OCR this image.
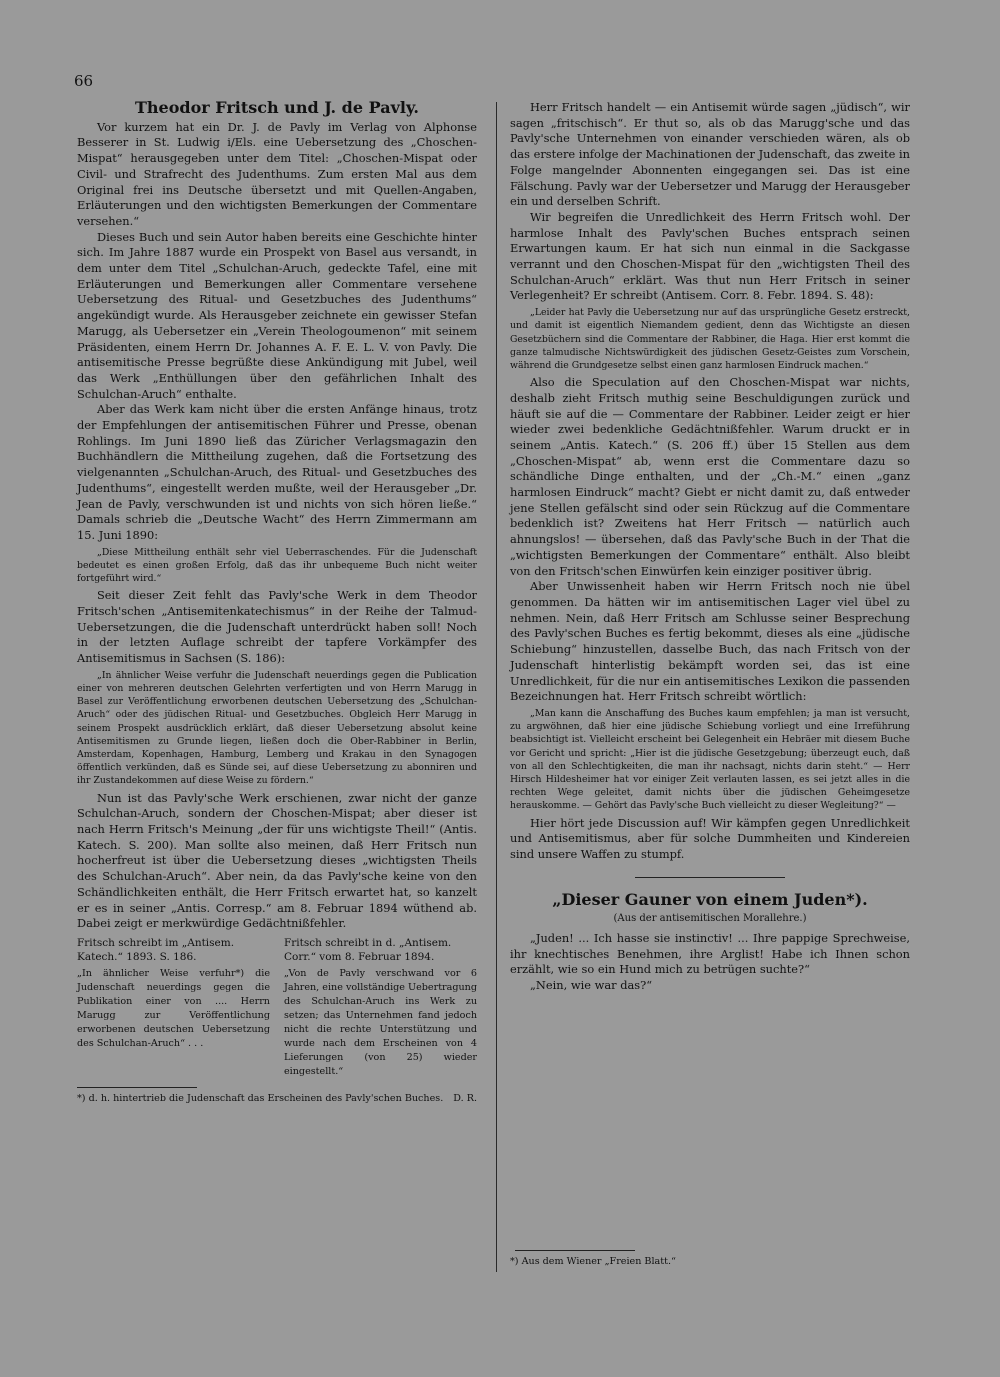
66
Theodor Fritsch und J. de Pavly.

Vor kurzem hat ein Dr. J. de Pavly im Verlag von Alphonse Besserer in St. Ludwig i/Els. eine Uebersetzung des „Choschen-Mispat“ herausgegeben unter dem Titel: „Choschen-Mispat oder Civil- und Strafrecht des Judenthums. Zum ersten Mal aus dem Original frei ins Deutsche übersetzt und mit Quellen-Angaben, Erläuterungen und den wichtigsten Bemerkungen der Commentare versehen.“

Dieses Buch und sein Autor haben bereits eine Geschichte hinter sich. Im Jahre 1887 wurde ein Prospekt von Basel aus versandt, in dem unter dem Titel „Schulchan-Aruch, gedeckte Tafel, eine mit Erläuterungen und Bemerkungen aller Commentare versehene Uebersetzung des Ritual- und Gesetzbuches des Judenthums“ angekündigt wurde. Als Herausgeber zeichnete ein gewisser Stefan Marugg, als Uebersetzer ein „Verein Theologoumenon“ mit seinem Präsidenten, einem Herrn Dr. Johannes A. F. E. L. V. von Pavly. Die antisemitische Presse begrüßte diese Ankündigung mit Jubel, weil das Werk „Enthüllungen über den gefährlichen Inhalt des Schulchan-Aruch“ enthalte.

Aber das Werk kam nicht über die ersten Anfänge hinaus, trotz der Empfehlungen der antisemitischen Führer und Presse, obenan Rohlings. Im Juni 1890 ließ das Züricher Verlagsmagazin den Buchhändlern die Mittheilung zugehen, daß die Fortsetzung des vielgenannten „Schulchan-Aruch, des Ritual- und Gesetzbuches des Judenthums“, eingestellt werden mußte, weil der Herausgeber „Dr. Jean de Pavly, verschwunden ist und nichts von sich hören ließe.“ Damals schrieb die „Deutsche Wacht“ des Herrn Zimmermann am 15. Juni 1890:

„Diese Mittheilung enthält sehr viel Ueberraschendes. Für die Judenschaft bedeutet es einen großen Erfolg, daß das ihr unbequeme Buch nicht weiter fortgeführt wird.“

Seit dieser Zeit fehlt das Pavly'sche Werk in dem Theodor Fritsch'schen „Antisemitenkatechismus“ in der Reihe der Talmud-Uebersetzungen, die die Judenschaft unterdrückt haben soll! Noch in der letzten Auflage schreibt der tapfere Vorkämpfer des Antisemitismus in Sachsen (S. 186):

„In ähnlicher Weise verfuhr die Judenschaft neuerdings gegen die Publication einer von mehreren deutschen Gelehrten verfertigten und von Herrn Marugg in Basel zur Veröffentlichung erworbenen deutschen Uebersetzung des „Schulchan-Aruch“ oder des jüdischen Ritual- und Gesetzbuches. Obgleich Herr Marugg in seinem Prospekt ausdrücklich erklärt, daß dieser Uebersetzung absolut keine Antisemitismen zu Grunde liegen, ließen doch die Ober-Rabbiner in Berlin, Amsterdam, Kopenhagen, Hamburg, Lemberg und Krakau in den Synagogen öffentlich verkünden, daß es Sünde sei, auf diese Uebersetzung zu abonniren und ihr Zustandekommen auf diese Weise zu fördern.“

Nun ist das Pavly'sche Werk erschienen, zwar nicht der ganze Schulchan-Aruch, sondern der Choschen-Mispat; aber dieser ist nach Herrn Fritsch's Meinung „der für uns wichtigste Theil!“ (Antis. Katech. S. 200). Man sollte also meinen, daß Herr Fritsch nun hocherfreut ist über die Uebersetzung dieses „wichtigsten Theils des Schulchan-Aruch“. Aber nein, da das Pavly'sche keine von den Schändlichkeiten enthält, die Herr Fritsch erwartet hat, so kanzelt er es in seiner „Antis. Corresp.“ am 8. Februar 1894 wüthend ab. Dabei zeigt er merkwürdige Gedächtnißfehler.

Fritsch schreibt im „Antisem. Katech.“ 1893. S. 186.

„In ähnlicher Weise verfuhr*) die Judenschaft neuerdings gegen die Publikation einer von .... Herrn Marugg zur Veröffentlichung erworbenen deutschen Uebersetzung des Schulchan-Aruch“ . . .

Fritsch schreibt in d. „Antisem. Corr.“ vom 8. Februar 1894.

„Von de Pavly verschwand vor 6 Jahren, eine vollständige Uebertragung des Schulchan-Aruch ins Werk zu setzen; das Unternehmen fand jedoch nicht die rechte Unterstützung und wurde nach dem Erscheinen von 4 Lieferungen (von 25) wieder eingestellt.“

*) d. h. hintertrieb die Judenschaft das Erscheinen des Pavly'schen Buches. D. R.

Herr Fritsch handelt — ein Antisemit würde sagen „jüdisch“, wir sagen „fritschisch“. Er thut so, als ob das Marugg'sche und das Pavly'sche Unternehmen von einander verschieden wären, als ob das erstere infolge der Machinationen der Judenschaft, das zweite in Folge mangelnder Abonnenten eingegangen sei. Das ist eine Fälschung. Pavly war der Uebersetzer und Marugg der Herausgeber ein und derselben Schrift.

Wir begreifen die Unredlichkeit des Herrn Fritsch wohl. Der harmlose Inhalt des Pavly'schen Buches entsprach seinen Erwartungen kaum. Er hat sich nun einmal in die Sackgasse verrannt und den Choschen-Mispat für den „wichtigsten Theil des Schulchan-Aruch“ erklärt. Was thut nun Herr Fritsch in seiner Verlegenheit? Er schreibt (Antisem. Corr. 8. Febr. 1894. S. 48):

„Leider hat Pavly die Uebersetzung nur auf das ursprüngliche Gesetz erstreckt, und damit ist eigentlich Niemandem gedient, denn das Wichtigste an diesen Gesetzbüchern sind die Commentare der Rabbiner, die Haga. Hier erst kommt die ganze talmudische Nichtswürdigkeit des jüdischen Gesetz-Geistes zum Vorschein, während die Grundgesetze selbst einen ganz harmlosen Eindruck machen.“

Also die Speculation auf den Choschen-Mispat war nichts, deshalb zieht Fritsch muthig seine Beschuldigungen zurück und häuft sie auf die — Commentare der Rabbiner. Leider zeigt er hier wieder zwei bedenkliche Gedächtnißfehler. Warum druckt er in seinem „Antis. Katech.“ (S. 206 ff.) über 15 Stellen aus dem „Choschen-Mispat“ ab, wenn erst die Commentare dazu so schändliche Dinge enthalten, und der „Ch.-M.“ einen „ganz harmlosen Eindruck“ macht? Giebt er nicht damit zu, daß entweder jene Stellen gefälscht sind oder sein Rückzug auf die Commentare bedenklich ist? Zweitens hat Herr Fritsch — natürlich auch ahnungslos! — übersehen, daß das Pavly'sche Buch in der That die „wichtigsten Bemerkungen der Commentare“ enthält. Also bleibt von den Fritsch'schen Einwürfen kein einziger positiver übrig.

Aber Unwissenheit haben wir Herrn Fritsch noch nie übel genommen. Da hätten wir im antisemitischen Lager viel übel zu nehmen. Nein, daß Herr Fritsch am Schlusse seiner Besprechung des Pavly'schen Buches es fertig bekommt, dieses als eine „jüdische Schiebung“ hinzustellen, dasselbe Buch, das nach Fritsch von der Judenschaft hinterlistig bekämpft worden sei, das ist eine Unredlichkeit, für die nur ein antisemitisches Lexikon die passenden Bezeichnungen hat. Herr Fritsch schreibt wörtlich:

„Man kann die Anschaffung des Buches kaum empfehlen; ja man ist versucht, zu argwöhnen, daß hier eine jüdische Schiebung vorliegt und eine Irreführung beabsichtigt ist. Vielleicht erscheint bei Gelegenheit ein Hebräer mit diesem Buche vor Gericht und spricht: „Hier ist die jüdische Gesetzgebung; überzeugt euch, daß von all den Schlechtigkeiten, die man ihr nachsagt, nichts darin steht.“ — Herr Hirsch Hildesheimer hat vor einiger Zeit verlauten lassen, es sei jetzt alles in die rechten Wege geleitet, damit nichts über die jüdischen Geheimgesetze herauskomme. — Gehört das Pavly'sche Buch vielleicht zu dieser Wegleitung?“ —

Hier hört jede Discussion auf! Wir kämpfen gegen Unredlichkeit und Antisemitismus, aber für solche Dummheiten und Kindereien sind unsere Waffen zu stumpf.

„Dieser Gauner von einem Juden*).
(Aus der antisemitischen Morallehre.)

„Juden! ... Ich hasse sie instinctiv! ... Ihre pappige Sprechweise, ihr knechtisches Benehmen, ihre Arglist! Habe ich Ihnen schon erzählt, wie so ein Hund mich zu betrügen suchte?“

„Nein, wie war das?“

*) Aus dem Wiener „Freien Blatt.“
